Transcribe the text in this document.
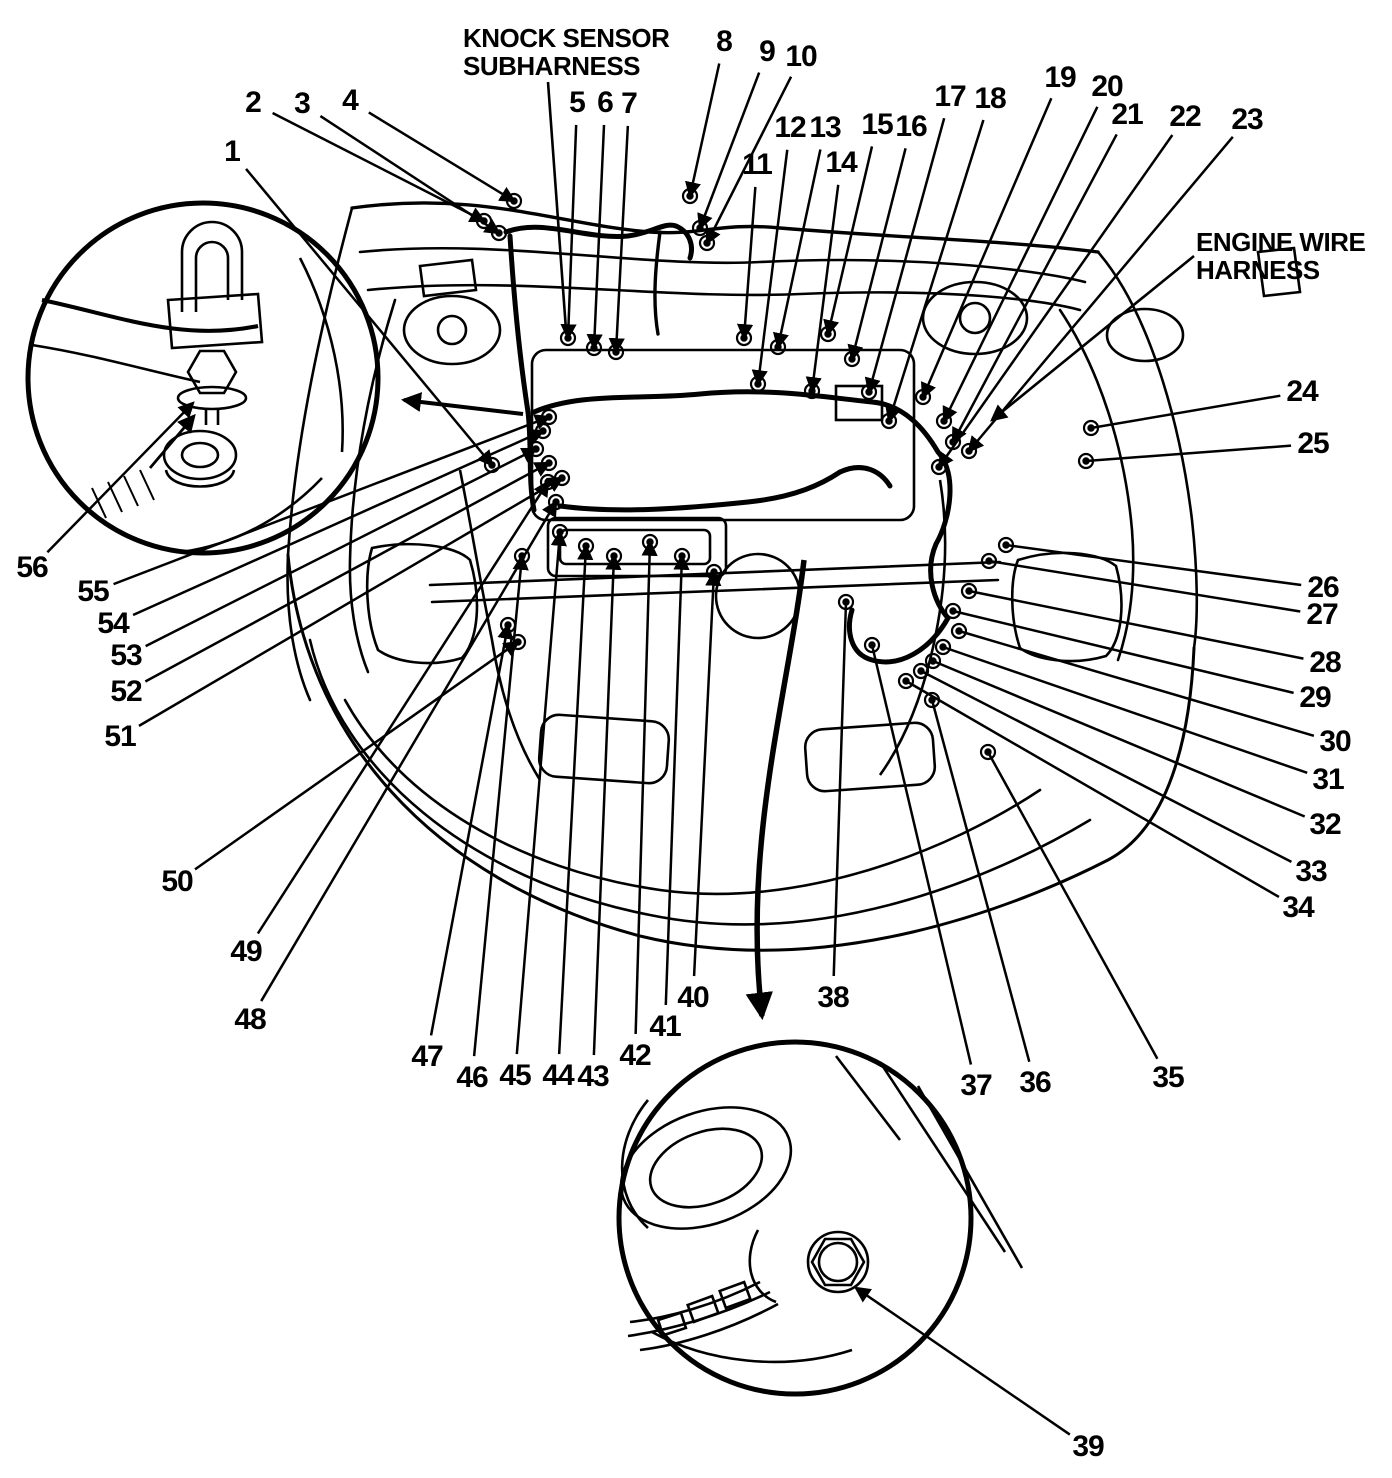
KNOCK SENSOR
SUBHARNESS
ENGINE WIRE
HARNESS
1
2 3 4	5 6 7
8 9 10
11
12 13
14
15 16
17 18
19 20
21 22 23
24
25
26
27
28
29
30
31
32
33
34
35
36
37
38
39
40
41
42
43
44
45
46
47
48
49
50
51
52
53
54
55
56
